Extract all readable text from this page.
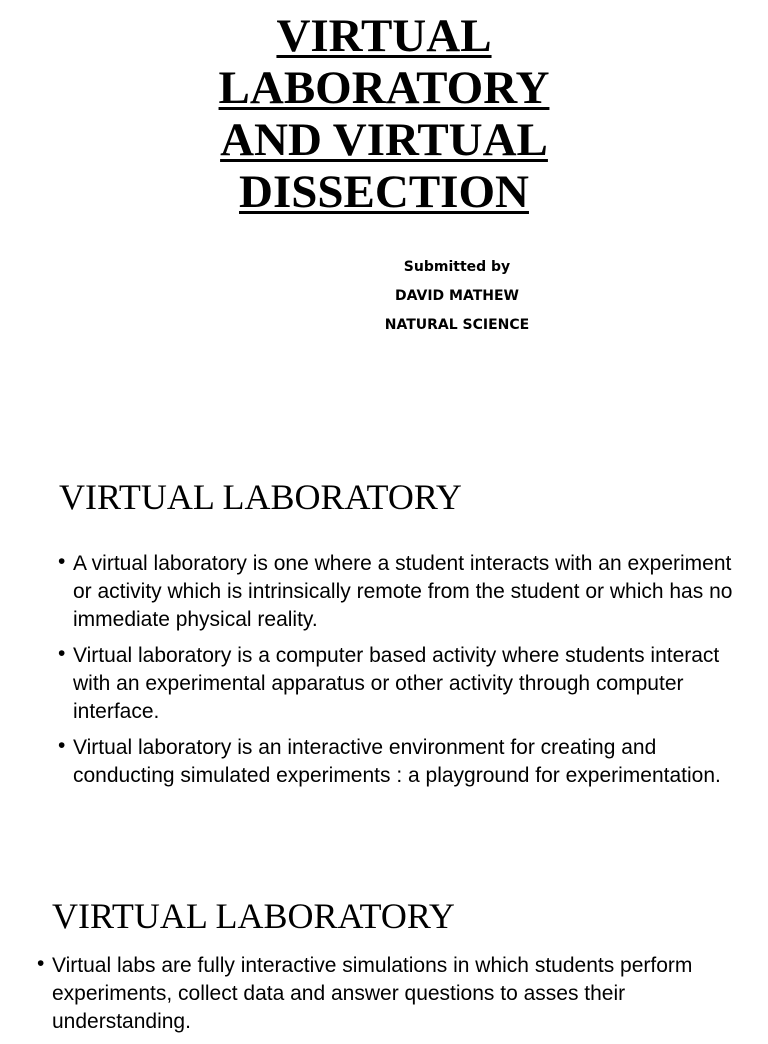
VIRTUAL
LABORATORY
AND VIRTUAL
DISSECTION
Submitted by
DAVID MATHEW
NATURAL SCIENCE
VIRTUAL LABORATORY
• A virtual laboratory is one where a student interacts with an experiment or activity which is intrinsically remote from the student or which has no immediate physical reality.
• Virtual laboratory is a computer based activity where students interact with an experimental apparatus or other activity through computer interface.
• Virtual laboratory is an interactive environment for creating and conducting simulated experiments : a playground for experimentation.
VIRTUAL LABORATORY
• Virtual labs are fully interactive simulations in which students perform experiments, collect data and answer questions to asses their understanding.
